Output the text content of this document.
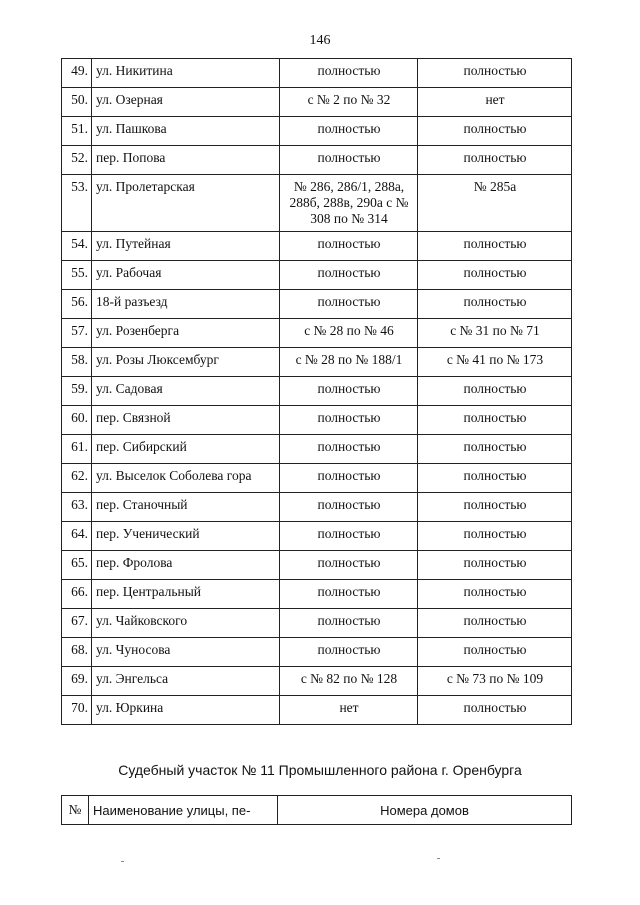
146
49.	ул. Никитина	полностью	полностью
50.	ул. Озерная	с № 2 по № 32	нет
51.	ул. Пашкова	полностью	полностью
52.	пер. Попова	полностью	полностью
53.	ул. Пролетарская	№ 286, 286/1, 288а, 288б, 288в, 290а с № 308 по № 314	№ 285а
54.	ул. Путейная	полностью	полностью
55.	ул. Рабочая	полностью	полностью
56.	18-й разъезд	полностью	полностью
57.	ул. Розенберга	с № 28 по № 46	с № 31 по № 71
58.	ул. Розы Люксембург	с № 28 по № 188/1	с № 41 по № 173
59.	ул. Садовая	полностью	полностью
60.	пер. Связной	полностью	полностью
61.	пер. Сибирский	полностью	полностью
62.	ул. Выселок Соболева гора	полностью	полностью
63.	пер. Станочный	полностью	полностью
64.	пер. Ученический	полностью	полностью
65.	пер. Фролова	полностью	полностью
66.	пер. Центральный	полностью	полностью
67.	ул. Чайковского	полностью	полностью
68.	ул. Чуносова	полностью	полностью
69.	ул. Энгельса	с № 82 по № 128	с № 73 по № 109
70.	ул. Юркина	нет	полностью
Судебный участок № 11 Промышленного района г. Оренбурга
№	Наименование улицы, пе-	Номера домов
